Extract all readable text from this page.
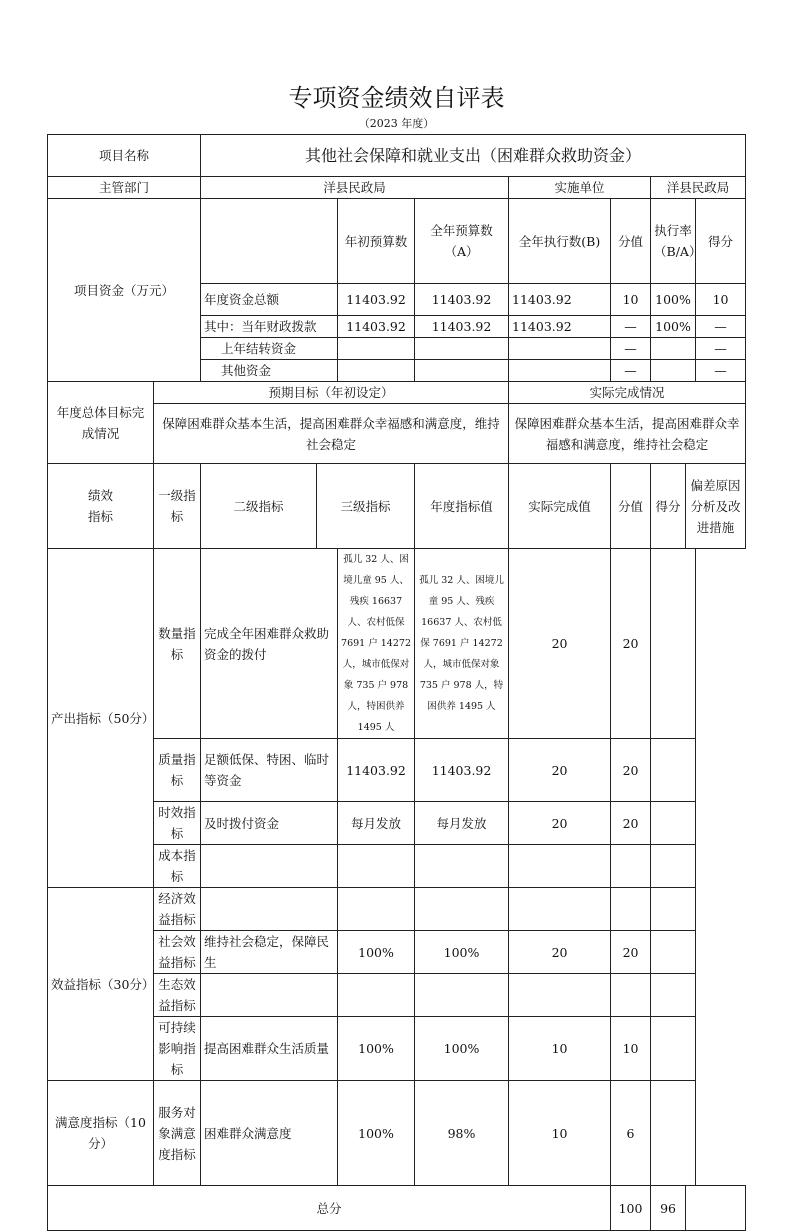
专项资金绩效自评表
（2023 年度）
项目名称		其他社会保障和就业支出（困难群众救助资金）								
主管部门		洋县民政局				实施单位		洋县民政局		
项目资金（万元）				年初预算数	全年预算数（A）	全年执行数(B)	分值	执行率（B/A）		得分
		年度资金总额		11403.92	11403.92	11403.92	10	100%		10
		其中：当年财政拨款		11403.92	11403.92	11403.92	—	100%		—
		上年结转资金					—			—
		其他资金					—			—
年度总体目标完成情况	预期目标（年初设定）					实际完成情况				
	保障困难群众基本生活，提高困难群众幸福感和满意度，维持社会稳定					保障困难群众基本生活，提高困难群众幸福感和满意度，维持社会稳定				
绩效指标	一级指标	二级指标	三级指标		年度指标值	实际完成值	分值	得分	偏差原因分析及改进措施	
产出指标（50分）	数量指标	完成全年困难群众救助资金的拨付		孤儿 32 人、困境儿童 95 人、残疾 16637 人、农村低保 7691 户 14272 人，城市低保对象 735 户 978 人，特困供养 1495 人	孤儿 32 人、困境儿童 95 人、残疾 16637 人、农村低保 7691 户 14272 人，城市低保对象 735 户 978 人，特困供养 1495 人	20	20			
	质量指标	足额低保、特困、临时等资金		11403.92	11403.92	20	20			
	时效指标	及时拨付资金		每月发放	每月发放	20	20			
	成本指标									
效益指标（30分）	经济效益指标									
	社会效益指标	维持社会稳定，保障民生		100%	100%	20	20			
	生态效益指标									
	可持续影响指标	提高困难群众生活质量		100%	100%	10	10			
满意度指标（10分）	服务对象满意度指标	困难群众满意度		100%	98%	10	6			
总分							100	96		
